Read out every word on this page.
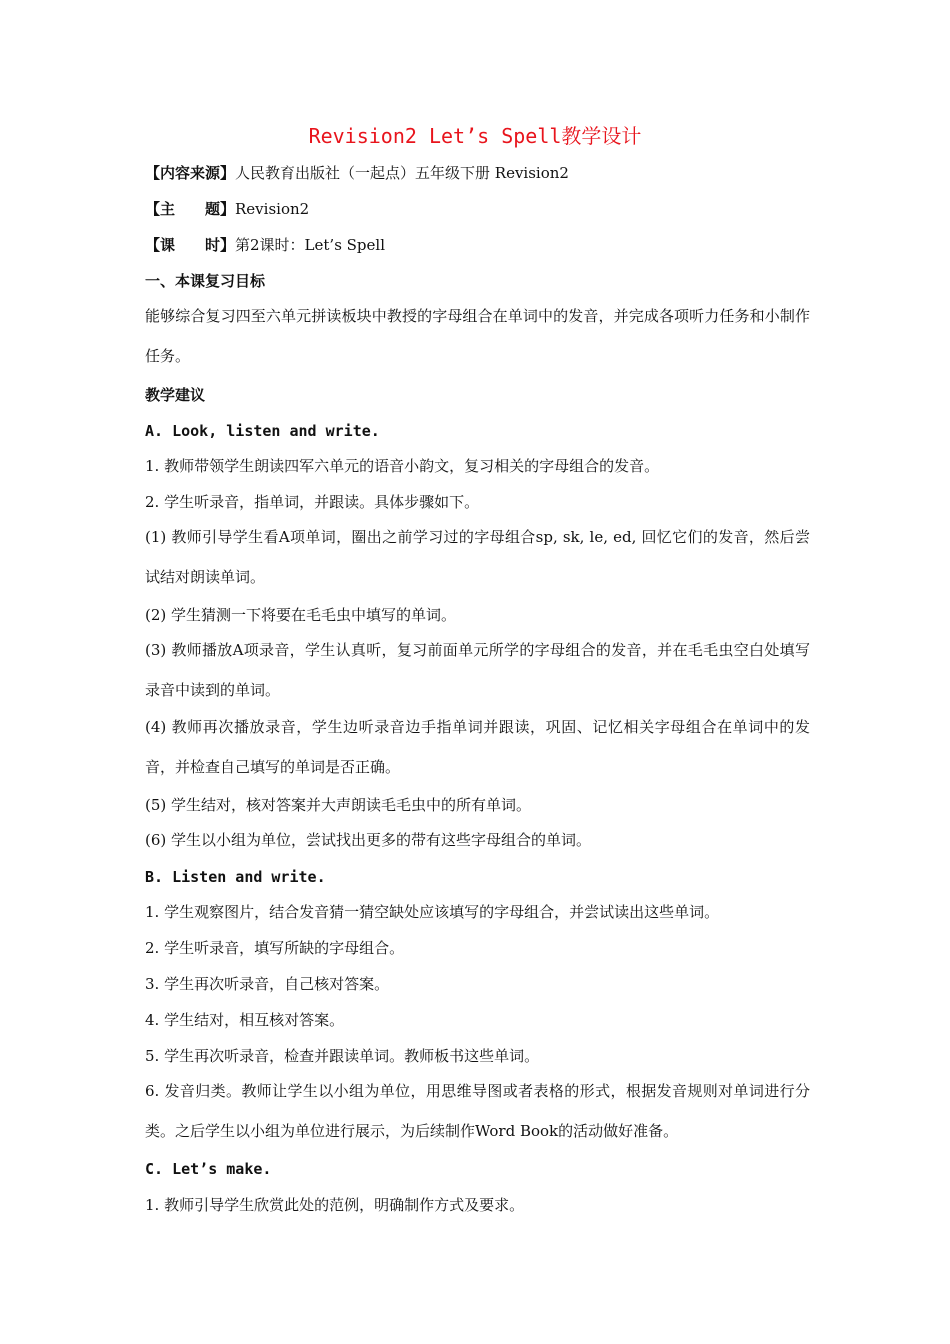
Revision2 Let’s Spell教学设计
【内容来源】人民教育出版社（一起点）五年级下册 Revision2
【主　　题】Revision2
【课　　时】第2课时：Let’s Spell
一、本课复习目标
能够综合复习四至六单元拼读板块中教授的字母组合在单词中的发音，并完成各项听力任务和小制作任务。
教学建议
A. Look, listen and write.
1. 教师带领学生朗读四军六单元的语音小韵文，复习相关的字母组合的发音。
2. 学生听录音，指单词，并跟读。具体步骤如下。
(1) 教师引导学生看A项单词，圈出之前学习过的字母组合sp, sk, le, ed, 回忆它们的发音，然后尝试结对朗读单词。
(2) 学生猜测一下将要在毛毛虫中填写的单词。
(3) 教师播放A项录音，学生认真听，复习前面单元所学的字母组合的发音，并在毛毛虫空白处填写录音中读到的单词。
(4) 教师再次播放录音，学生边听录音边手指单词并跟读，巩固、记忆相关字母组合在单词中的发音，并检查自己填写的单词是否正确。
(5) 学生结对，核对答案并大声朗读毛毛虫中的所有单词。
(6) 学生以小组为单位，尝试找出更多的带有这些字母组合的单词。
B. Listen and write.
1. 学生观察图片，结合发音猜一猜空缺处应该填写的字母组合，并尝试读出这些单词。
2. 学生听录音，填写所缺的字母组合。
3. 学生再次听录音，自己核对答案。
4. 学生结对，相互核对答案。
5. 学生再次听录音，检查并跟读单词。教师板书这些单词。
6. 发音归类。教师让学生以小组为单位，用思维导图或者表格的形式，根据发音规则对单词进行分类。之后学生以小组为单位进行展示，为后续制作Word Book的活动做好准备。
C. Let’s make.
1. 教师引导学生欣赏此处的范例，明确制作方式及要求。
